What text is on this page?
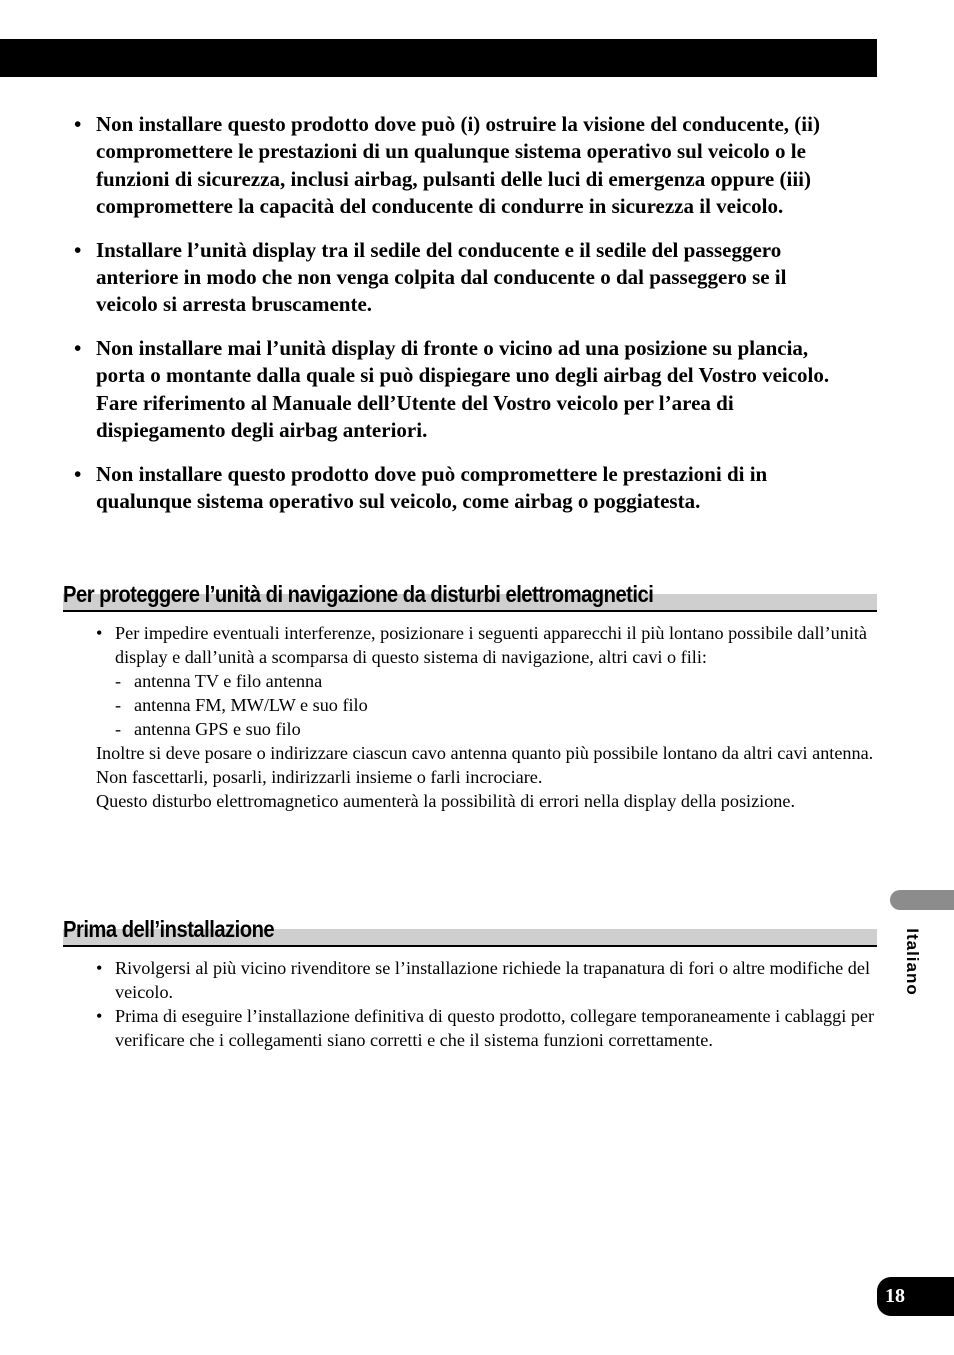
• Non installare questo prodotto dove può (i) ostruire la visione del conducente, (ii) compromettere le prestazioni di un qualunque sistema operativo sul veicolo o le funzioni di sicurezza, inclusi airbag, pulsanti delle luci di emergenza oppure (iii) compromettere la capacità del conducente di condurre in sicurezza il veicolo.
• Installare l’unità display tra il sedile del conducente e il sedile del passeggero anteriore in modo che non venga colpita dal conducente o dal passeggero se il veicolo si arresta bruscamente.
• Non installare mai l’unità display di fronte o vicino ad una posizione su plancia, porta o montante dalla quale si può dispiegare uno degli airbag del Vostro veicolo. Fare riferimento al Manuale dell’Utente del Vostro veicolo per l’area di dispiegamento degli airbag anteriori.
• Non installare questo prodotto dove può compromettere le prestazioni di in qualunque sistema operativo sul veicolo, come airbag o poggiatesta.
Per proteggere l’unità di navigazione da disturbi elettromagnetici
• Per impedire eventuali interferenze, posizionare i seguenti apparecchi il più lontano possibile dall’unità display e dall’unità a scomparsa di questo sistema di navigazione, altri cavi o fili:
- antenna TV e filo antenna
- antenna FM, MW/LW e suo filo
- antenna GPS e suo filo
Inoltre si deve posare o indirizzare ciascun cavo antenna quanto più possibile lontano da altri cavi antenna.
Non fascettarli, posarli, indirizzarli insieme o farli incrociare.
Questo disturbo elettromagnetico aumenterà la possibilità di errori nella display della posizione.
Prima dell’installazione
• Rivolgersi al più vicino rivenditore se l’installazione richiede la trapanatura di fori o altre modifiche del veicolo.
• Prima di eseguire l’installazione definitiva di questo prodotto, collegare temporaneamente i cablaggi per verificare che i collegamenti siano corretti e che il sistema funzioni correttamente.
Italiano
18
